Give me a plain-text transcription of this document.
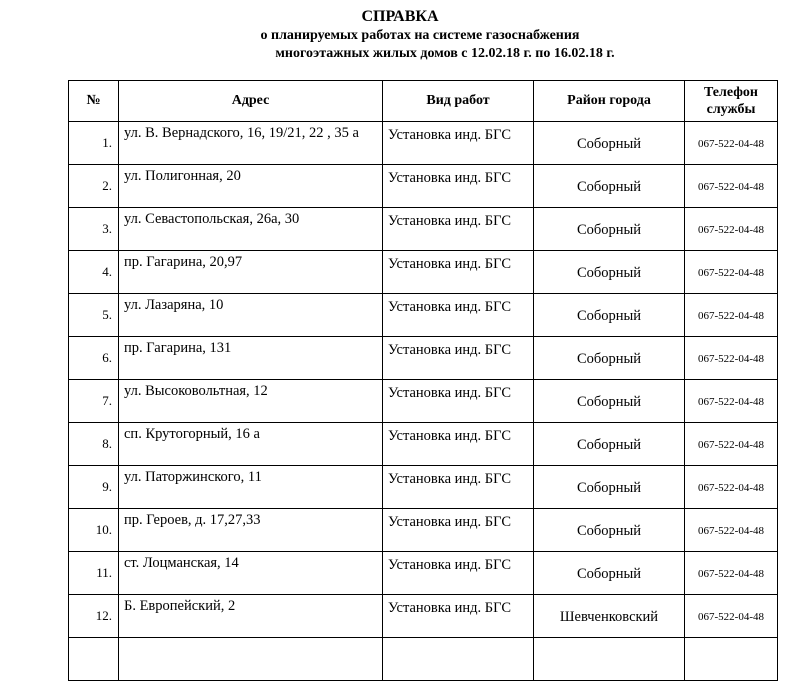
СПРАВКА
о планируемых работах на системе газоснабжения
многоэтажных жилых домов с 12.02.18 г. по 16.02.18 г.
№	Адрес	Вид работ	Район города	Телефон службы
1.	ул. В. Вернадского, 16, 19/21, 22 , 35 а	Установка инд. БГС	Соборный	067-522-04-48
2.	ул. Полигонная, 20	Установка инд. БГС	Соборный	067-522-04-48
3.	ул. Севастопольская, 26а, 30	Установка инд. БГС	Соборный	067-522-04-48
4.	пр. Гагарина, 20,97	Установка инд. БГС	Соборный	067-522-04-48
5.	ул. Лазаряна, 10	Установка инд. БГС	Соборный	067-522-04-48
6.	пр. Гагарина, 131	Установка инд. БГС	Соборный	067-522-04-48
7.	ул. Высоковольтная, 12	Установка инд. БГС	Соборный	067-522-04-48
8.	сп. Крутогорный, 16 а	Установка инд. БГС	Соборный	067-522-04-48
9.	ул. Паторжинского, 11	Установка инд. БГС	Соборный	067-522-04-48
10.	пр. Героев, д. 17,27,33	Установка инд. БГС	Соборный	067-522-04-48
11.	ст. Лоцманская, 14	Установка инд. БГС	Соборный	067-522-04-48
12.	Б. Европейский, 2	Установка инд. БГС	Шевченковский	067-522-04-48
